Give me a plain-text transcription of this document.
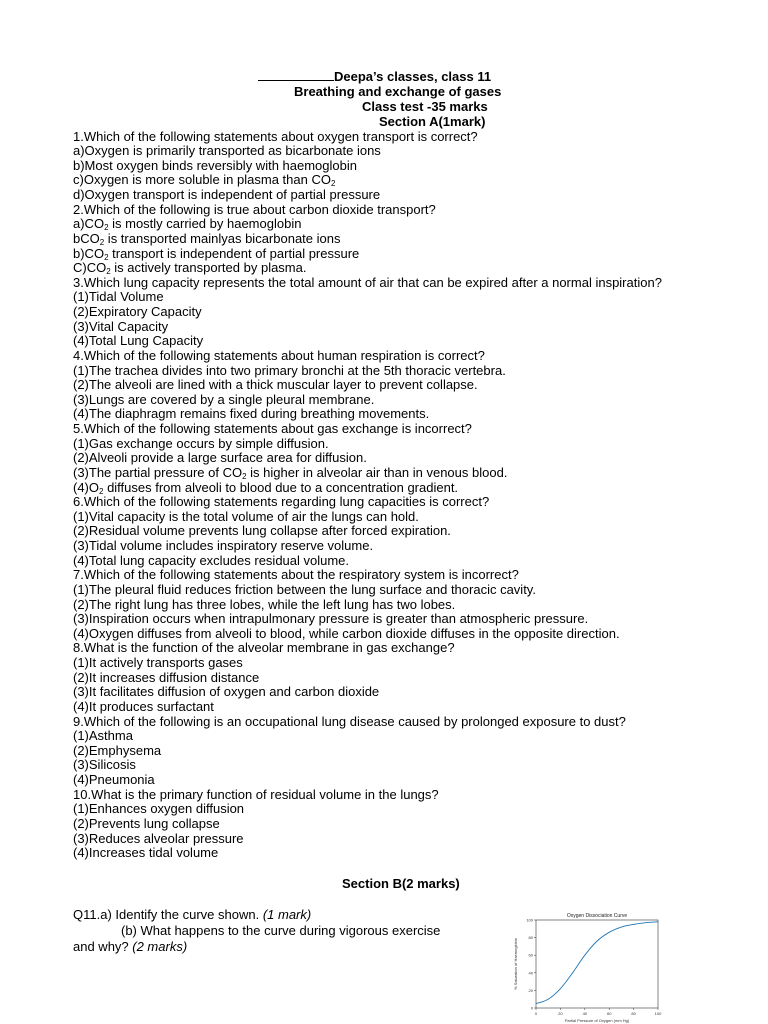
Deepa’s classes, class 11
Breathing and exchange of gases
Class test -35 marks
Section A(1mark)
1.Which of the following statements about oxygen transport is correct?
a)Oxygen is primarily transported as bicarbonate ions
b)Most oxygen binds reversibly with haemoglobin
c)Oxygen is more soluble in plasma than $CO_2$
d)Oxygen transport is independent of partial pressure
2.Which of the following is true about carbon dioxide transport?
$a)CO_2$ is mostly carried by haemoglobin
bCO$_2$ is transported mainlyas bicarbonate ions
$b)CO_2$ transport is independent of partial pressure
$C)CO_2$ is actively transported by plasma.
3.Which lung capacity represents the total amount of air that can be expired after a normal inspiration?
(1)Tidal Volume
(2)Expiratory Capacity
(3)Vital Capacity
(4)Total Lung Capacity
4.Which of the following statements about human respiration is correct?
(1)The trachea divides into two primary bronchi at the 5th thoracic vertebra.
(2)The alveoli are lined with a thick muscular layer to prevent collapse.
(3)Lungs are covered by a single pleural membrane.
(4)The diaphragm remains fixed during breathing movements.
5.Which of the following statements about gas exchange is incorrect?
(1)Gas exchange occurs by simple diffusion.
(2)Alveoli provide a large surface area for diffusion.
(3)The partial pressure of $CO_2$ is higher in alveolar air than in venous blood.
$(4)O_2$ diffuses from alveoli to blood due to a concentration gradient.
6.Which of the following statements regarding lung capacities is correct?
(1)Vital capacity is the total volume of air the lungs can hold.
(2)Residual volume prevents lung collapse after forced expiration.
(3)Tidal volume includes inspiratory reserve volume.
(4)Total lung capacity excludes residual volume.
7.Which of the following statements about the respiratory system is incorrect?
(1)The pleural fluid reduces friction between the lung surface and thoracic cavity.
(2)The right lung has three lobes, while the left lung has two lobes.
(3)Inspiration occurs when intrapulmonary pressure is greater than atmospheric pressure.
(4)Oxygen diffuses from alveoli to blood, while carbon dioxide diffuses in the opposite direction.
8.What is the function of the alveolar membrane in gas exchange?
(1)It actively transports gases
(2)It increases diffusion distance
(3)It facilitates diffusion of oxygen and carbon dioxide
(4)It produces surfactant
9.Which of the following is an occupational lung disease caused by prolonged exposure to dust?
(1)Asthma
(2)Emphysema
(3)Silicosis
(4)Pneumonia
10.What is the primary function of residual volume in the lungs?
(1)Enhances oxygen diffusion
(2)Prevents lung collapse
(3)Reduces alveolar pressure
(4)Increases tidal volume
Section B(2 marks)
Q11.a) Identify the curve shown. (1 mark)
(b) What happens to the curve during vigorous exercise
and why? (2 marks)
Oxygen Dissociation Curve
0	20	40	60	80	100
0
20
40
60
80
100
Partial Pressure of Oxygen (mm Hg)
% Saturation of Haemoglobin
